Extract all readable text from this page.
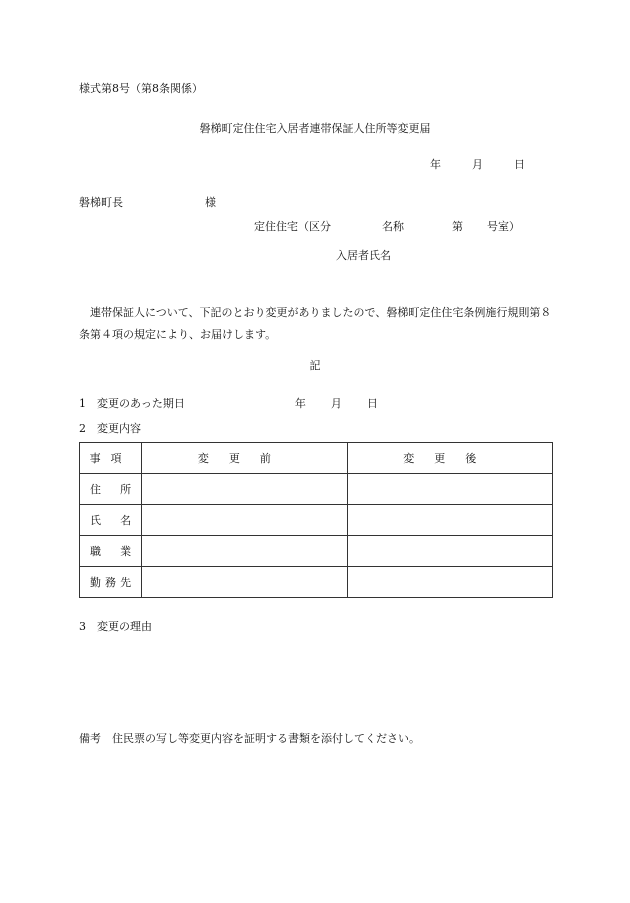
様式第8号（第8条関係）
磐梯町定住住宅入居者連帯保証人住所等変更届
年	月	日
磐梯町長	様
定住住宅（区分	名称	第 号室）
入居者氏名
連帯保証人について、下記のとおり変更がありましたので、磐梯町定住住宅条例施行規則第８条第４項の規定により、お届けします。
記
1　変更のあった期日	年 月 日
2　変更内容
事項	変更前	変更後
住所		
氏名		
職業		
勤務先		
3　変更の理由
備考　住民票の写し等変更内容を証明する書類を添付してください。
